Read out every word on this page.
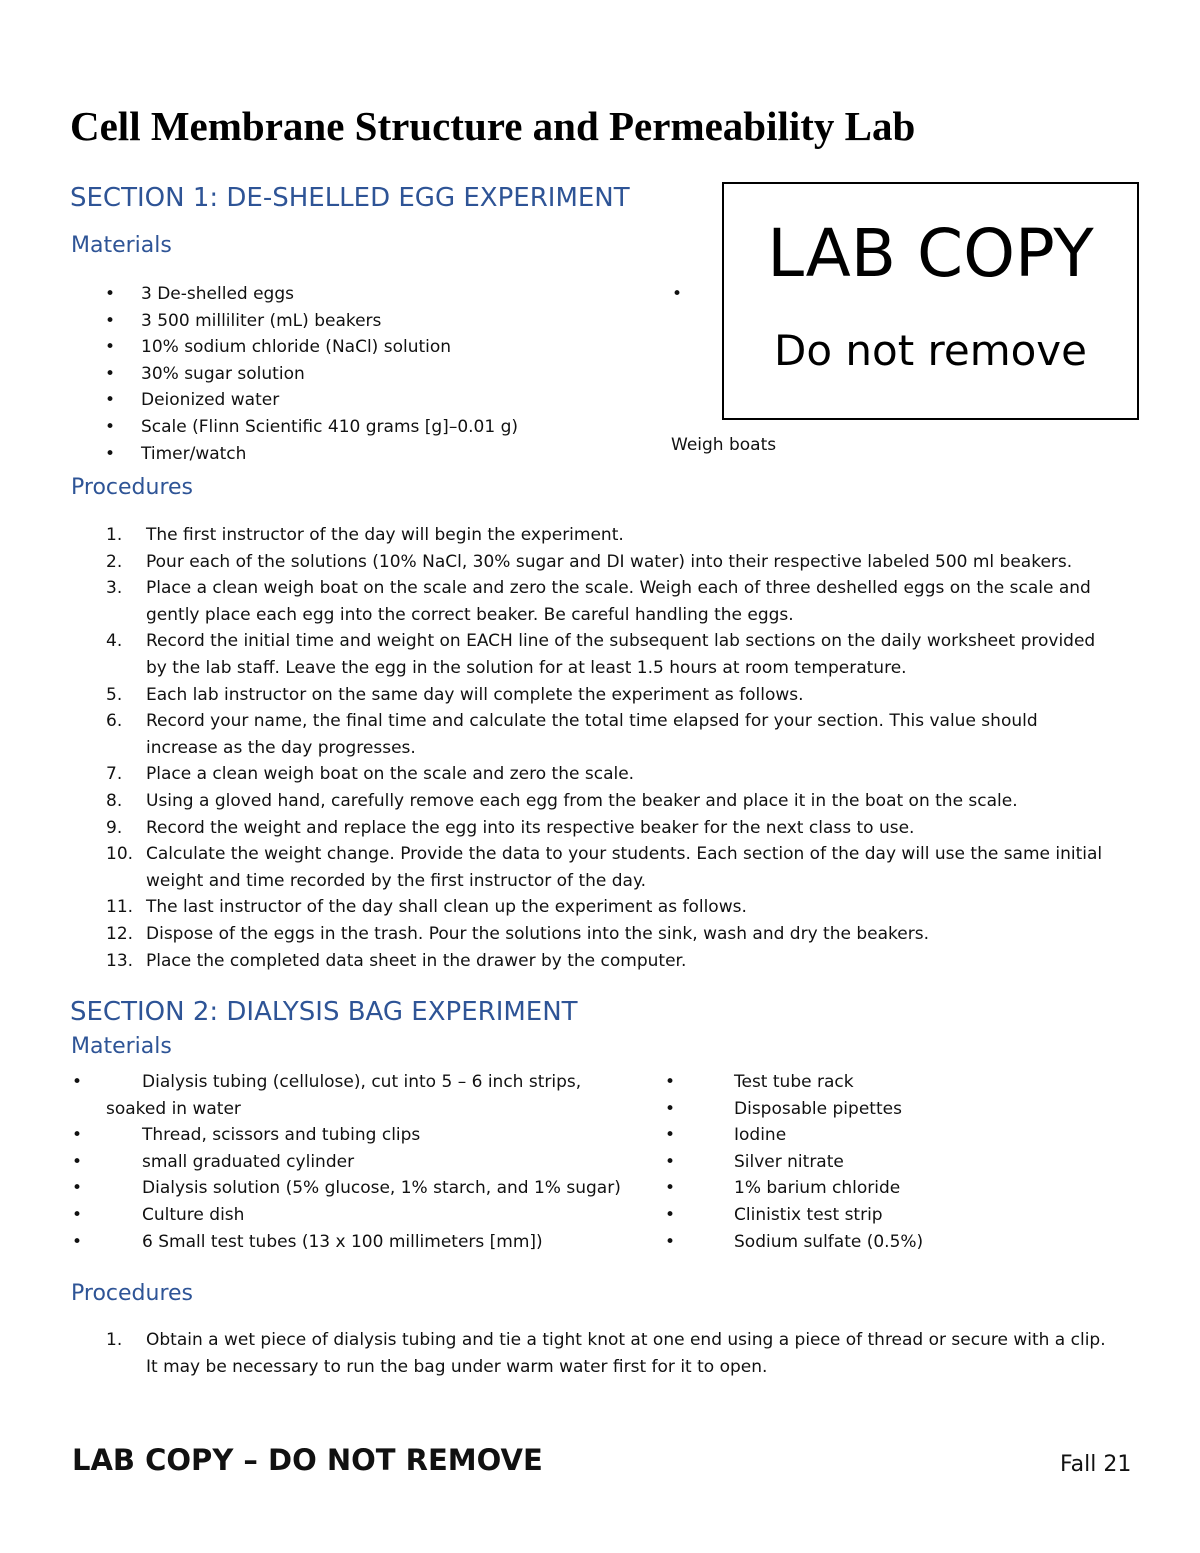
Cell Membrane Structure and Permeability Lab
SECTION 1: DE-SHELLED EGG EXPERIMENT
Materials
• 3 De-shelled eggs
• 3 500 milliliter (mL) beakers
• 10% sodium chloride (NaCl) solution
• 30% sugar solution
• Deionized water
• Scale (Flinn Scientific 410 grams [g]–0.01 g)
• Timer/watch
•
Weigh boats
LAB COPY
Do not remove
Procedures
1.	The first instructor of the day will begin the experiment.
2.	Pour each of the solutions (10% NaCl, 30% sugar and DI water) into their respective labeled 500 ml beakers.
3.	Place a clean weigh boat on the scale and zero the scale. Weigh each of three deshelled eggs on the scale and
gently place each egg into the correct beaker. Be careful handling the eggs.
4.	Record the initial time and weight on EACH line of the subsequent lab sections on the daily worksheet provided
by the lab staff. Leave the egg in the solution for at least 1.5 hours at room temperature.
5.	Each lab instructor on the same day will complete the experiment as follows.
6.	Record your name, the final time and calculate the total time elapsed for your section. This value should
increase as the day progresses.
7.	Place a clean weigh boat on the scale and zero the scale.
8.	Using a gloved hand, carefully remove each egg from the beaker and place it in the boat on the scale.
9.	Record the weight and replace the egg into its respective beaker for the next class to use.
10. Calculate the weight change. Provide the data to your students. Each section of the day will use the same initial
weight and time recorded by the first instructor of the day.
11. The last instructor of the day shall clean up the experiment as follows.
12. Dispose of the eggs in the trash. Pour the solutions into the sink, wash and dry the beakers.
13. Place the completed data sheet in the drawer by the computer.
SECTION 2: DIALYSIS BAG EXPERIMENT
Materials
•	Dialysis tubing (cellulose), cut into 5 – 6 inch strips,
soaked in water
•	Thread, scissors and tubing clips
•	small graduated cylinder
•	Dialysis solution (5% glucose, 1% starch, and 1% sugar)
•	Culture dish
•	6 Small test tubes (13 x 100 millimeters [mm])
•	Test tube rack
•	Disposable pipettes
•	Iodine
•	Silver nitrate
•	1% barium chloride
•	Clinistix test strip
•	Sodium sulfate (0.5%)
Procedures
1.	Obtain a wet piece of dialysis tubing and tie a tight knot at one end using a piece of thread or secure with a clip.
It may be necessary to run the bag under warm water first for it to open.
LAB COPY – DO NOT REMOVE	Fall 21
